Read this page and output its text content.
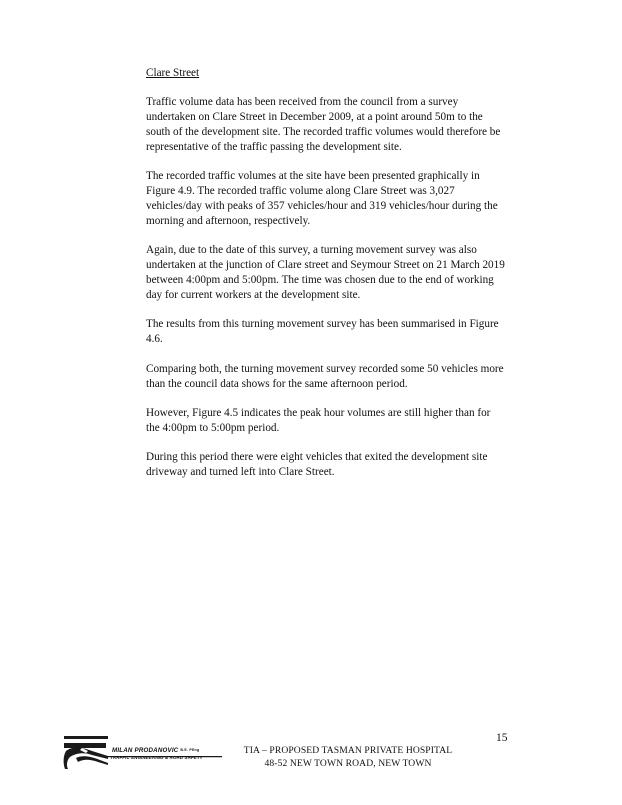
Clare Street

Traffic volume data has been received from the council from a survey undertaken on Clare Street in December 2009, at a point around 50m to the south of the development site. The recorded traffic volumes would therefore be representative of the traffic passing the development site.

The recorded traffic volumes at the site have been presented graphically in Figure 4.9. The recorded traffic volume along Clare Street was 3,027 vehicles/day with peaks of 357 vehicles/hour and 319 vehicles/hour during the morning and afternoon, respectively.

Again, due to the date of this survey, a turning movement survey was also undertaken at the junction of Clare street and Seymour Street on 21 March 2019 between 4:00pm and 5:00pm. The time was chosen due to the end of working day for current workers at the development site.

The results from this turning movement survey has been summarised in Figure 4.6.

Comparing both, the turning movement survey recorded some 50 vehicles more than the council data shows for the same afternoon period.

However, Figure 4.5 indicates the peak hour volumes are still higher than for the 4:00pm to 5:00pm period.

During this period there were eight vehicles that exited the development site driveway and turned left into Clare Street.

15
MILAN PRODANOVIC B.E. PEng
TRAFFIC ENGINEERING & ROAD SAFETY
TIA – PROPOSED TASMAN PRIVATE HOSPITAL
48-52 NEW TOWN ROAD, NEW TOWN
